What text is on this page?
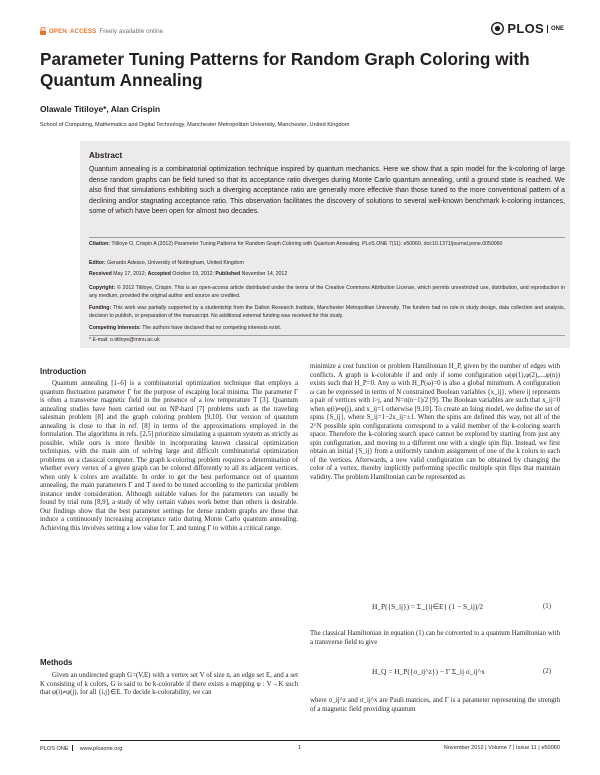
OPEN ACCESS Freely available online	PLOS	ONE
Parameter Tuning Patterns for Random Graph Coloring with Quantum Annealing
Olawale Titiloye*, Alan Crispin
School of Computing, Mathematics and Digital Technology, Manchester Metropolitan University, Manchester, United Kingdom
Abstract
Quantum annealing is a combinatorial optimization technique inspired by quantum mechanics. Here we show that a spin model for the k-coloring of large dense random graphs can be field tuned so that its acceptance ratio diverges during Monte Carlo quantum annealing, until a ground state is reached. We also find that simulations exhibiting such a diverging acceptance ratio are generally more effective than those tuned to the more conventional pattern of a declining and/or stagnating acceptance ratio. This observation facilitates the discovery of solutions to several well-known benchmark k-coloring instances, some of which have been open for almost two decades.
Citation: Titiloye O, Crispin A (2012) Parameter Tuning Patterns for Random Graph Coloring with Quantum Annealing. PLoS ONE 7(11): e50060. doi:10.1371/journal.pone.0050060
Editor: Gerardo Adesso, University of Nottingham, United Kingdom
Received May 17, 2012; Accepted October 19, 2012; Published November 14, 2012
Copyright: © 2012 Titiloye, Crispin. This is an open-access article distributed under the terms of the Creative Commons Attribution License, which permits unrestricted use, distribution, and reproduction in any medium, provided the original author and source are credited.
Funding: This work was partially supported by a studentship from the Dalton Research Institute, Manchester Metropolitan University. The funders had no role in study design, data collection and analysis, decision to publish, or preparation of the manuscript. No additional external funding was received for this study.
Competing Interests: The authors have declared that no competing interests exist.
* E-mail: o.titiloye@mmu.ac.uk
Introduction
Methods

Quantum annealing [1–6] is a combinatorial optimization technique that employs a quantum fluctuation parameter Γ for the purpose of escaping local minima. The parameter Γ is often a transverse magnetic field in the presence of a low temperature T [3]. Quantum annealing studies have been carried out on NP-hard [7] problems such as the traveling salesman problem [8] and the graph coloring problem [9,10]. Our version of quantum annealing is close to that in ref. [8] in terms of the approximations employed in the formulation. The algorithms in refs. [2,5] prioritize simulating a quantum system as strictly as possible, while ours is more flexible in incorporating known classical optimization techniques, with the main aim of solving large and difficult combinatorial optimization problems on a classical computer. The graph k-coloring problem requires a determination of whether every vertex of a given graph can be colored differently to all its adjacent vertices, when only k colors are available. In order to get the best performance out of quantum annealing, the main parameters Γ and T need to be tuned according to the particular problem instance under consideration. Although suitable values for the parameters can usually be found by trial runs [8,9], a study of why certain values work better than others is desirable. Our findings show that the best parameter settings for dense random graphs are those that induce a continuously increasing acceptance ratio during Monte Carlo quantum annealing. Achieving this involves setting a low value for T, and tuning Γ to within a critical range.

Given an undirected graph G=(V,E) with a vertex set V of size n, an edge set E, and a set K consisting of k colors, G is said to be k-colorable if there exists a mapping φ : V→K such that φ(i)≠φ(j), for all {i,j}∈E. To decide k-colorability, we can

minimize a cost function or problem Hamiltonian H_P, given by the number of edges with conflicts. A graph is k-colorable if and only if some configuration ω(φ(1),φ(2),...,φ(n)) exists such that H_P=0. Any ω with H_P(ω)=0 is also a global minimum. A configuration ω can be expressed in terms of N constrained Boolean variables {x_ij}, where ij represents a pair of vertices with i>j, and N=n(n−1)/2 [9]. The Boolean variables are such that x_ij=0 when φ(i)≠φ(j), and x_ij=1 otherwise [9,10]. To create an Ising model, we define the set of spins {S_ij}, where S_ij=1−2x_ij=±1. When the spins are defined this way, not all of the 2^N possible spin configurations correspond to a valid member of the k-coloring search space. Therefore the k-coloring search space cannot be explored by starting from just any spin configuration, and moving to a different one with a single spin flip. Instead, we first obtain an initial {S_ij} from a uniformly random assignment of one of the k colors to each of the vertices. Afterwards, a new valid configuration can be obtained by changing the color of a vertex, thereby implicitly performing specific multiple spin flips that maintain validity. The problem Hamiltonian can be represented as

H_P({S_ij}) = Σ_{ij∈E} (1 − S_ij)/2	(1)

The classical Hamiltonian in equation (1) can be converted to a quantum Hamiltonian with a transverse field to give

H_Q = H_P({σ_ij^z}) − Γ Σ_ij σ_ij^x	(2)

where σ_ij^z and σ_ij^x are Pauli matrices, and Γ is a parameter representing the strength of a magnetic field providing quantum

PLOS ONE www.plosone.org	1	November 2012 | Volume 7 | Issue 11 | e50060
